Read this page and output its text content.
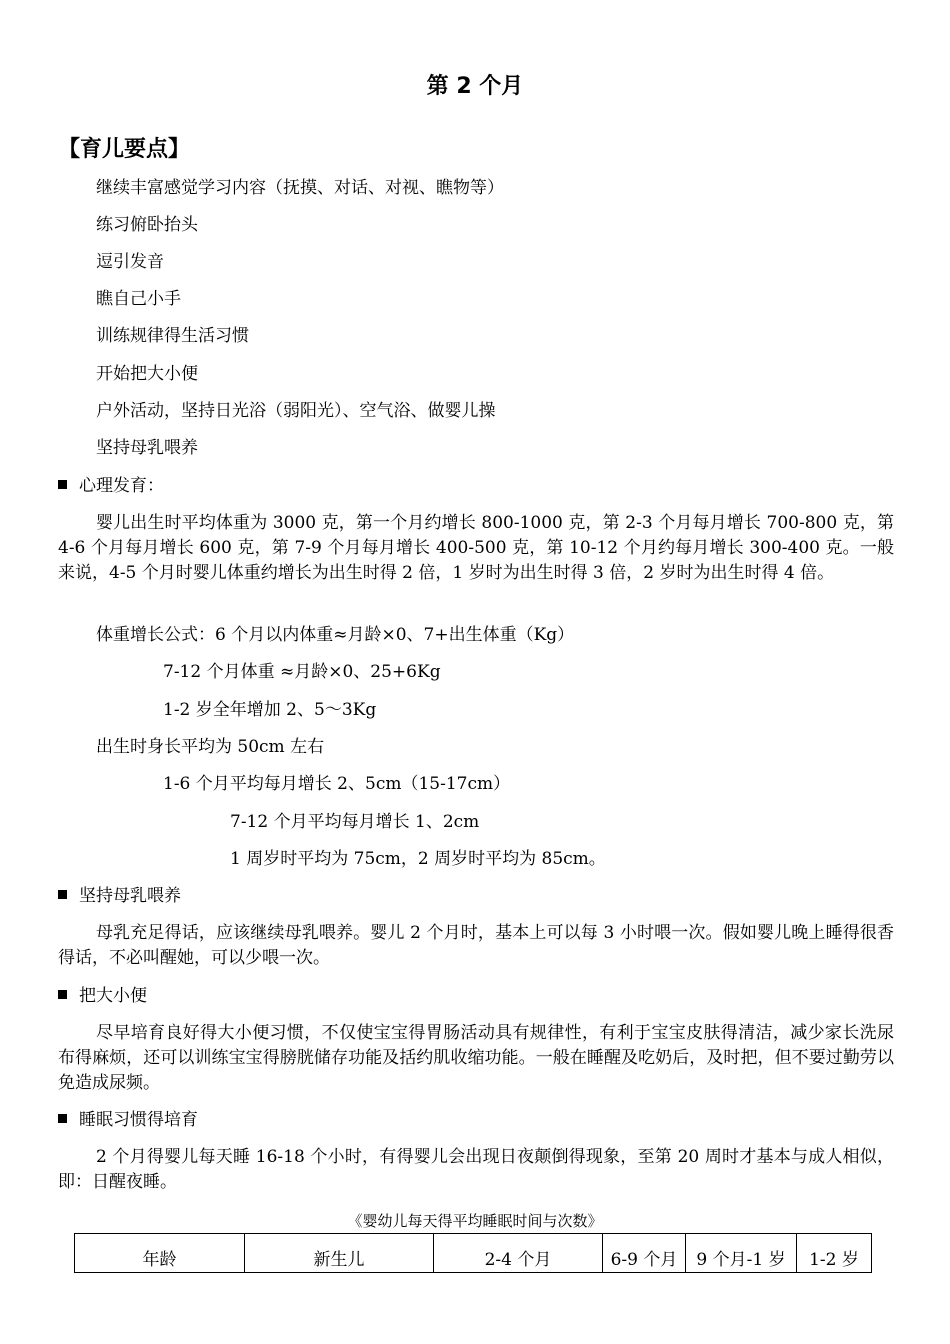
第 2 个月
【育儿要点】
继续丰富感觉学习内容（抚摸、对话、对视、瞧物等）
练习俯卧抬头
逗引发音
瞧自己小手
训练规律得生活习惯
开始把大小便
户外活动，坚持日光浴（弱阳光）、空气浴、做婴儿操
坚持母乳喂养
心理发育：
婴儿出生时平均体重为 3000 克，第一个月约增长 800-1000 克，第 2-3 个月每月增长 700-800 克，第 4-6 个月每月增长 600 克，第 7-9 个月每月增长 400-500 克，第 10-12 个月约每月增长 300-400 克。一般来说，4-5 个月时婴儿体重约增长为出生时得 2 倍，1 岁时为出生时得 3 倍，2 岁时为出生时得 4 倍。
体重增长公式：6 个月以内体重≈月龄×0、7+出生体重（Kg）
7-12 个月体重 ≈月龄×0、25+6Kg
1-2 岁全年增加 2、5～3Kg
出生时身长平均为 50cm 左右
1-6 个月平均每月增长 2、5cm（15-17cm）
7-12 个月平均每月增长 1、2cm
1 周岁时平均为 75cm，2 周岁时平均为 85cm。
坚持母乳喂养
母乳充足得话，应该继续母乳喂养。婴儿 2 个月时，基本上可以每 3 小时喂一次。假如婴儿晚上睡得很香得话，不必叫醒她，可以少喂一次。
把大小便
尽早培育良好得大小便习惯，不仅使宝宝得胃肠活动具有规律性，有利于宝宝皮肤得清洁，减少家长洗尿布得麻烦，还可以训练宝宝得膀胱储存功能及括约肌收缩功能。一般在睡醒及吃奶后，及时把，但不要过勤劳以免造成尿频。
睡眠习惯得培育
2 个月得婴儿每天睡 16-18 个小时，有得婴儿会出现日夜颠倒得现象，至第 20 周时才基本与成人相似，即：日醒夜睡。
《婴幼儿每天得平均睡眠时间与次数》
年龄	新生儿	2-4 个月	6-9 个月	9 个月-1 岁	1-2 岁
